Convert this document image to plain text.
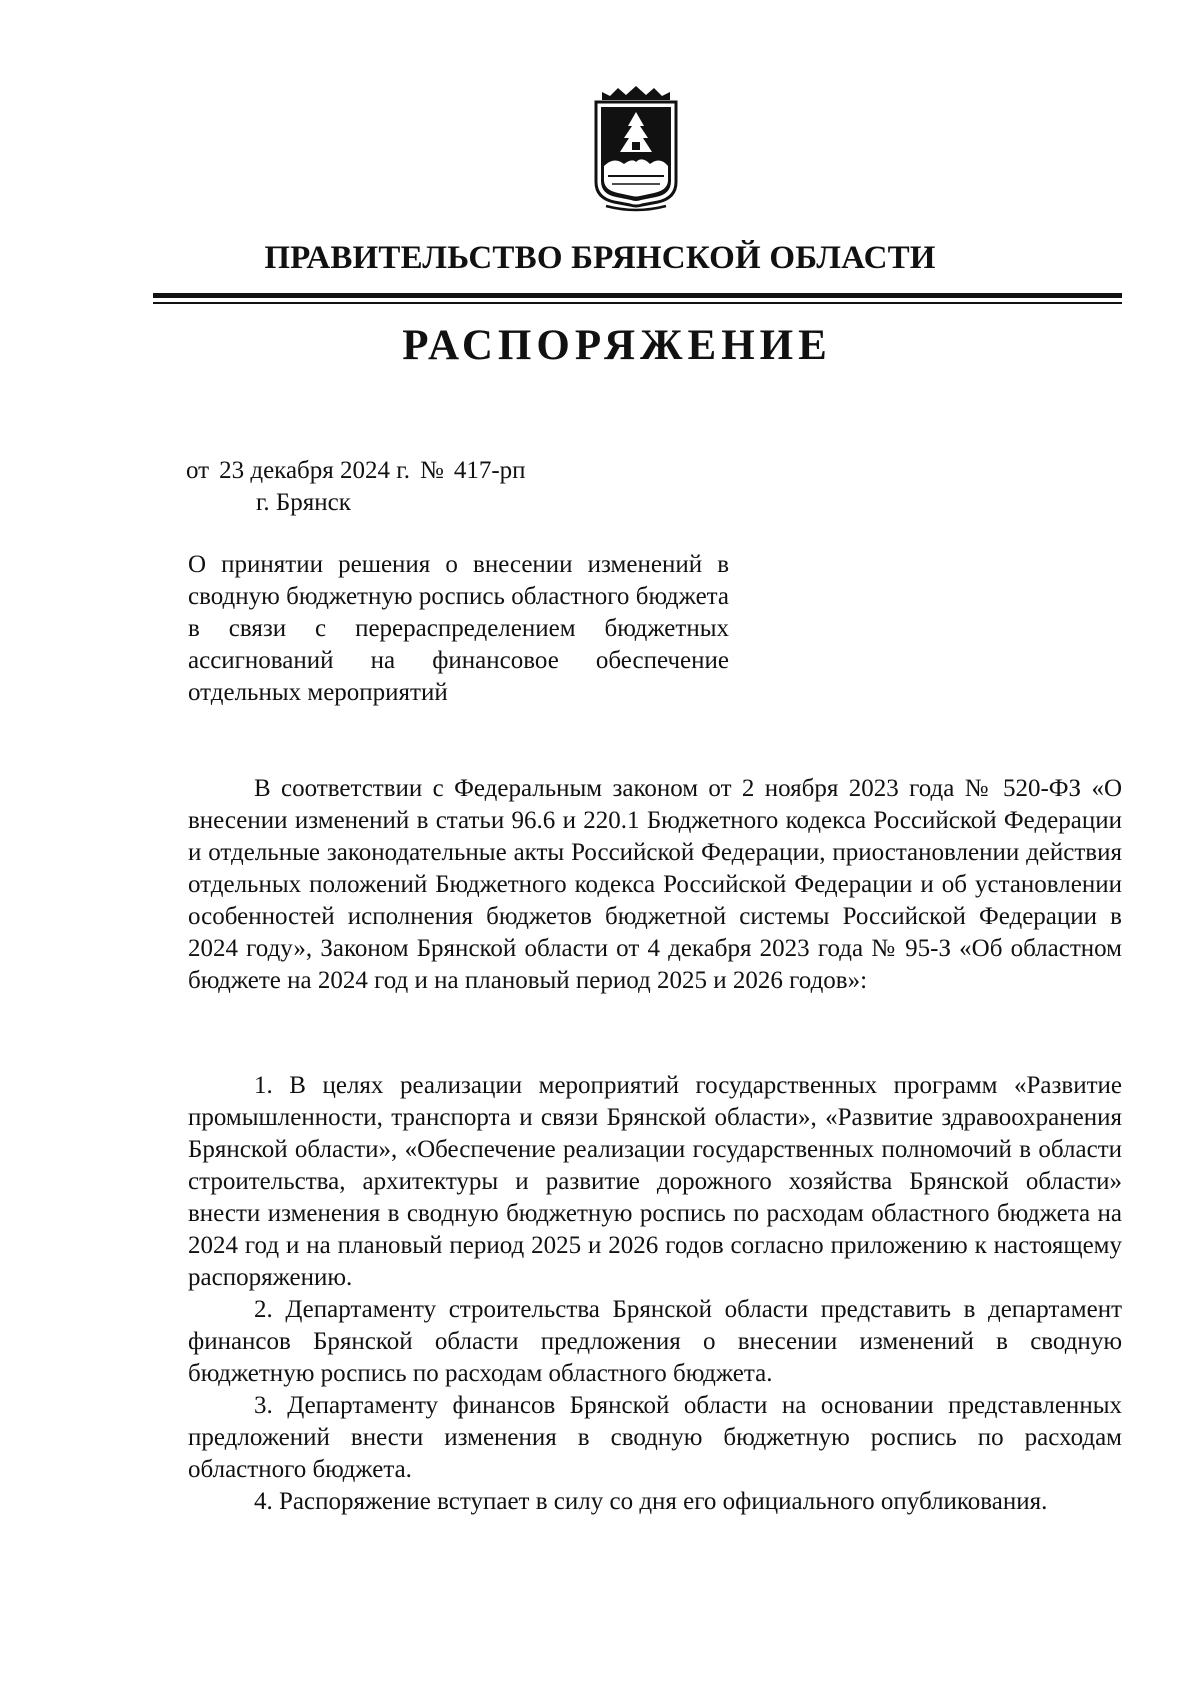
ПРАВИТЕЛЬСТВО БРЯНСКОЙ ОБЛАСТИ
РАСПОРЯЖЕНИЕ
от 23 декабря 2024 г. № 417-рп
г. Брянск

О принятии решения о внесении изменений в сводную бюджетную роспись областного бюджета в связи с перераспределением бюджетных ассигнований на финансовое обеспечение отдельных мероприятий

В соответствии с Федеральным законом от 2 ноября 2023 года № 520-ФЗ «О внесении изменений в статьи 96.6 и 220.1 Бюджетного кодекса Российской Федерации и отдельные законодательные акты Российской Федерации, приостановлении действия отдельных положений Бюджетного кодекса Российской Федерации и об установлении особенностей исполнения бюджетов бюджетной системы Российской Федерации в 2024 году», Законом Брянской области от 4 декабря 2023 года № 95-З «Об областном бюджете на 2024 год и на плановый период 2025 и 2026 годов»:

1. В целях реализации мероприятий государственных программ «Развитие промышленности, транспорта и связи Брянской области», «Развитие здравоохранения Брянской области», «Обеспечение реализации государственных полномочий в области строительства, архитектуры и развитие дорожного хозяйства Брянской области» внести изменения в сводную бюджетную роспись по расходам областного бюджета на 2024 год и на плановый период 2025 и 2026 годов согласно приложению к настоящему распоряжению.

2. Департаменту строительства Брянской области представить в департамент финансов Брянской области предложения о внесении изменений в сводную бюджетную роспись по расходам областного бюджета.

3. Департаменту финансов Брянской области на основании представленных предложений внести изменения в сводную бюджетную роспись по расходам областного бюджета.

4. Распоряжение вступает в силу со дня его официального опубликования.
